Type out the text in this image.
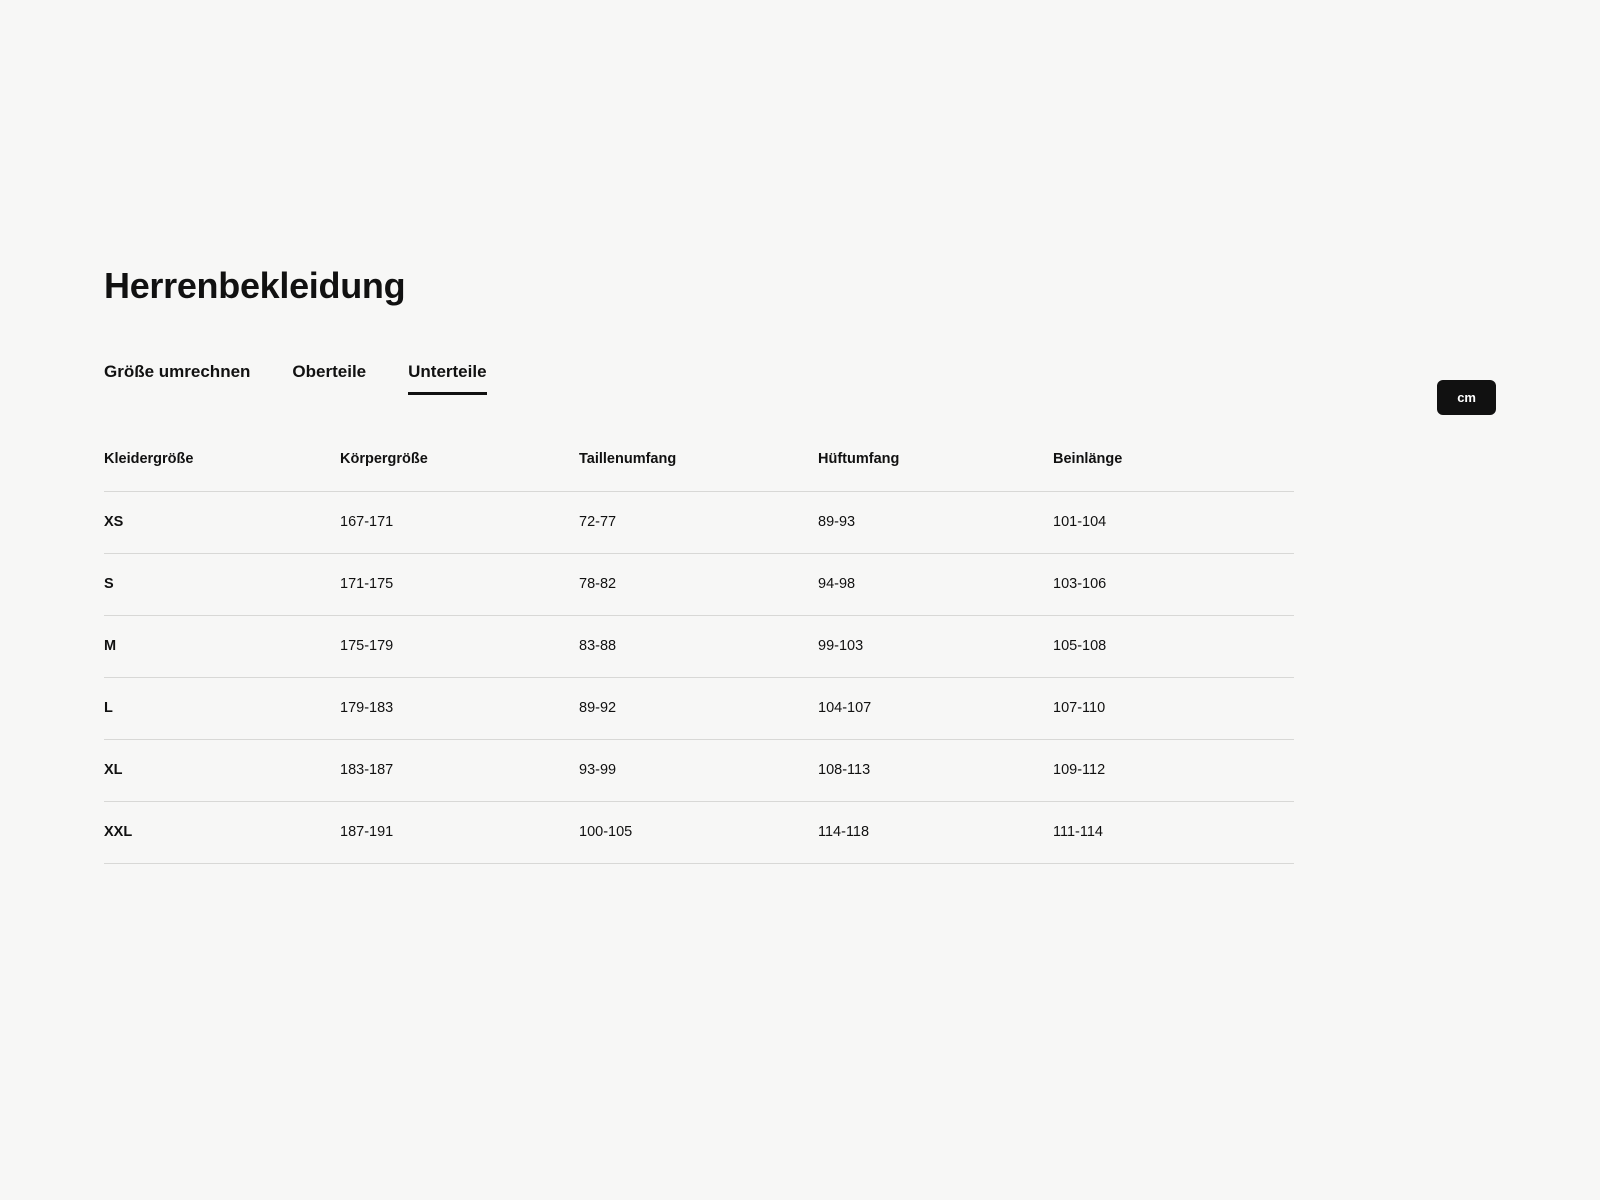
Herrenbekleidung
Größe umrechnen Oberteile Unterteile
Kleidergröße	Körpergröße	Taillenumfang	Hüftumfang	Beinlänge
XS	167-171	72-77	89-93	101-104
S	171-175	78-82	94-98	103-106
M	175-179	83-88	99-103	105-108
L	179-183	89-92	104-107	107-110
XL	183-187	93-99	108-113	109-112
XXL	187-191	100-105	114-118	111-114
cm
